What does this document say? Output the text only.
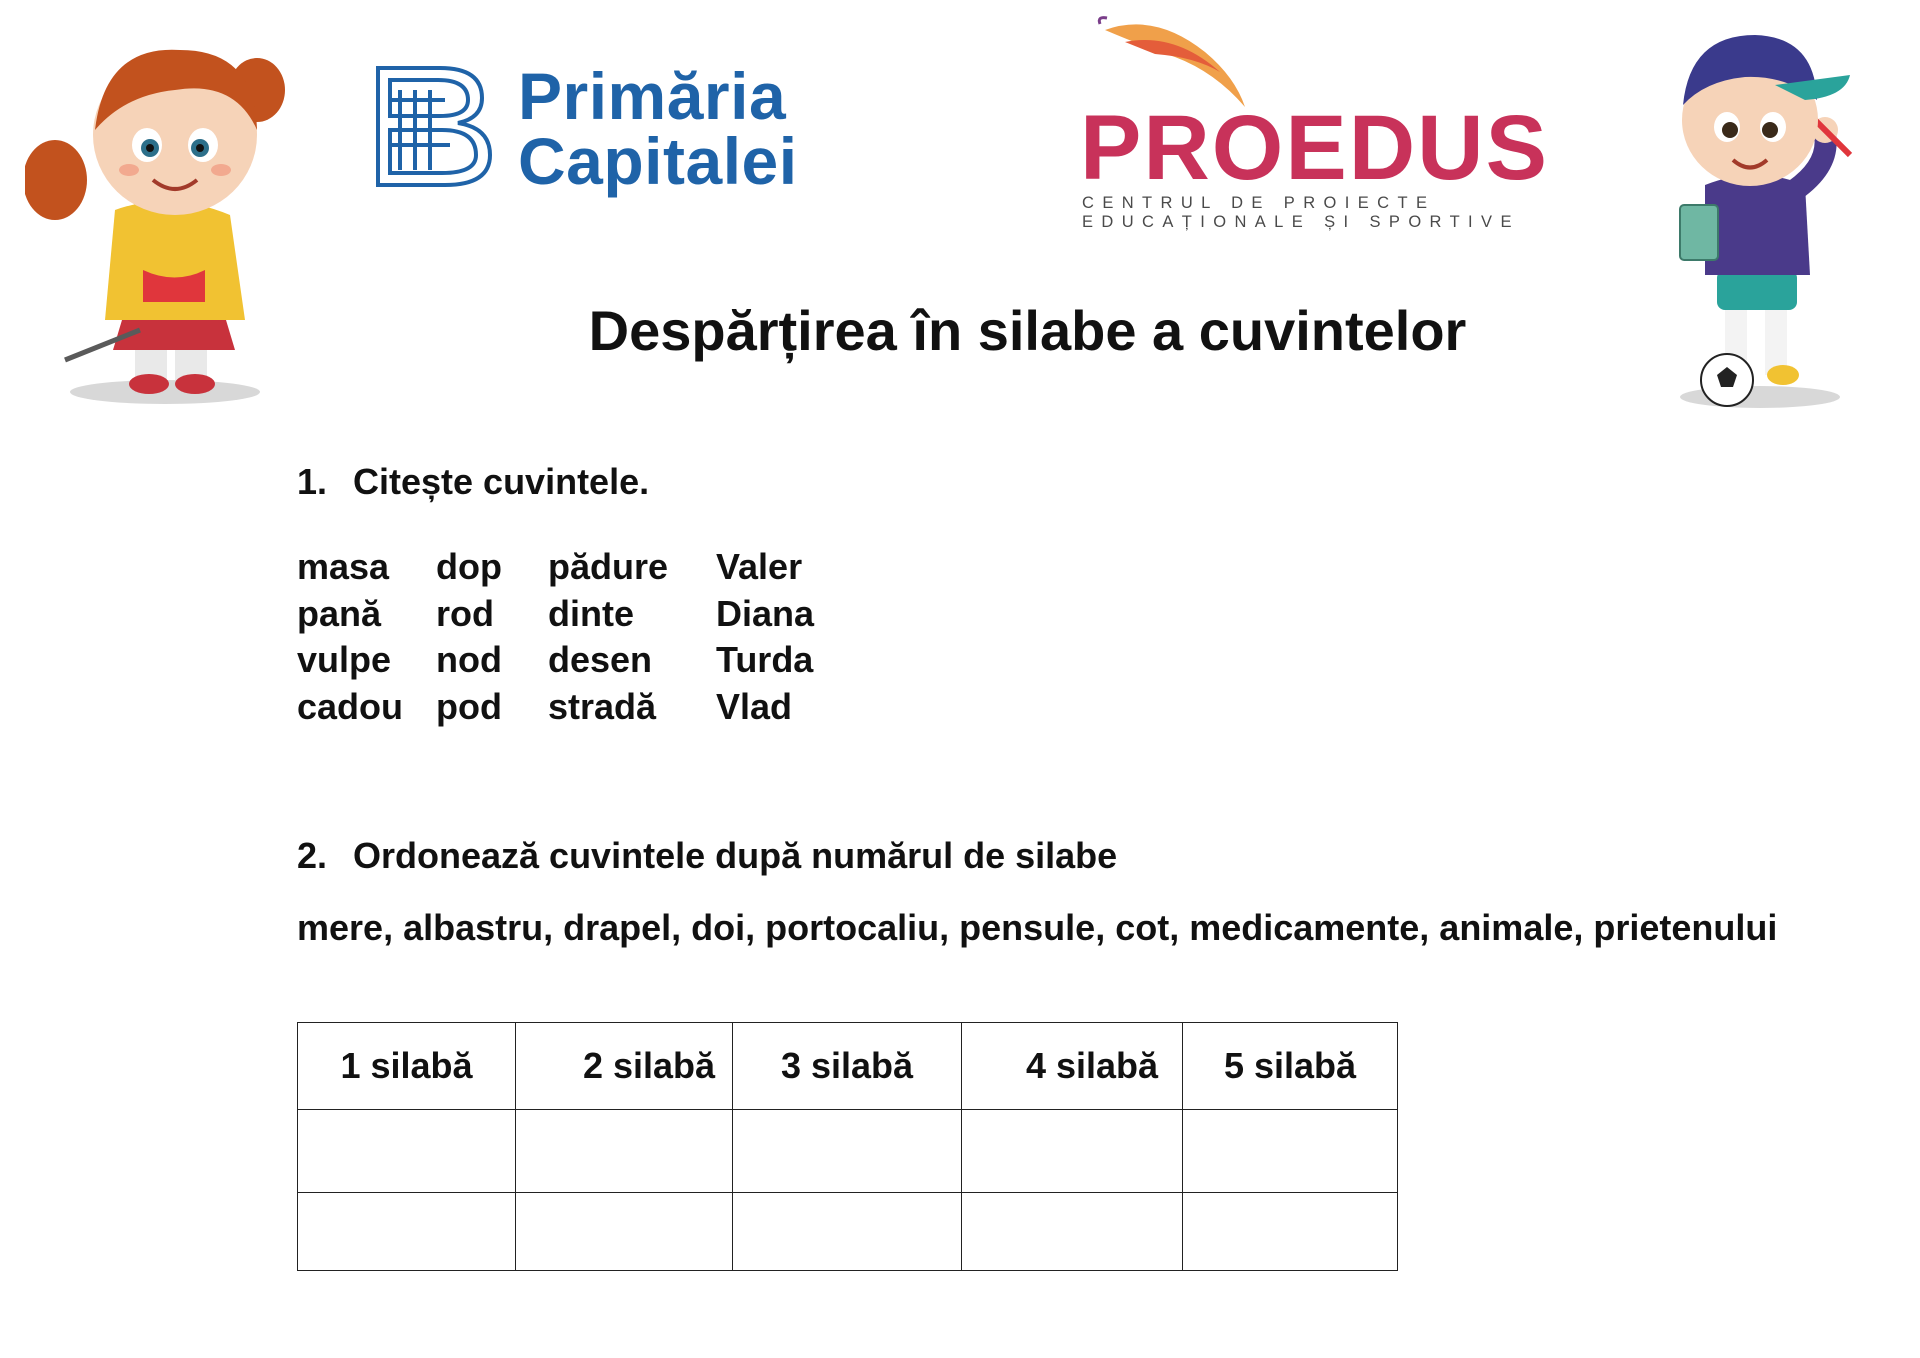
Primăria
Capitalei	PROEDUS
CENTRUL DE PROIECTE
EDUCAȚIONALE ȘI SPORTIVE
Despărțirea în silabe a cuvintelor
1. Citește cuvintele.
masa dop pădure Valer
pană rod dinte Diana
vulpe nod desen Turda
cadou pod stradă Vlad
2. Ordonează cuvintele după numărul de silabe
mere, albastru, drapel, doi, portocaliu, pensule, cot, medicamente, animale, prietenului
1 silabă	2 silabă	3 silabă	4 silabă	5 silabă
